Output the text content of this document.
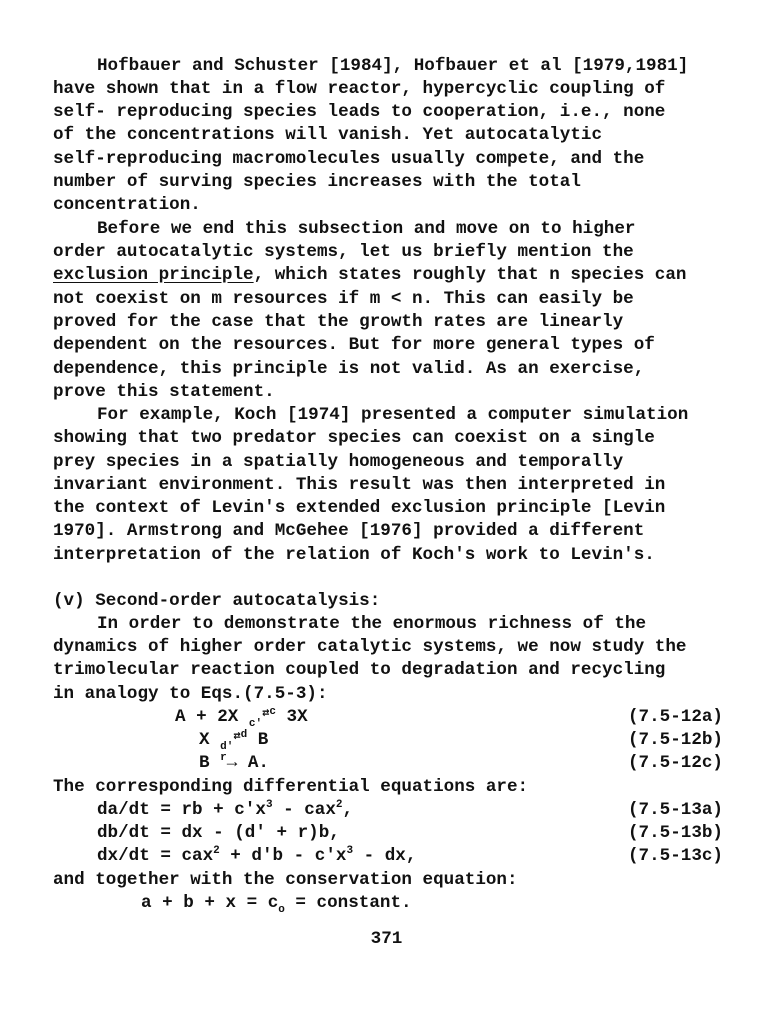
Hofbauer and Schuster [1984], Hofbauer et al [1979,1981]
have shown that in a flow reactor, hypercyclic coupling of
self- reproducing species leads to cooperation, i.e., none
of the concentrations will vanish. Yet autocatalytic
self-reproducing macromolecules usually compete, and the
number of surving species increases with the total
concentration.
Before we end this subsection and move on to higher
order autocatalytic systems, let us briefly mention the
exclusion principle, which states roughly that n species can
not coexist on m resources if m < n. This can easily be
proved for the case that the growth rates are linearly
dependent on the resources. But for more general types of
dependence, this principle is not valid. As an exercise,
prove this statement.
For example, Koch [1974] presented a computer simulation
showing that two predator species can coexist on a single
prey species in a spatially homogeneous and temporally
invariant environment. This result was then interpreted in
the context of Levin's extended exclusion principle [Levin
1970]. Armstrong and McGehee [1976] provided a different
interpretation of the relation of Koch's work to Levin's.
(v) Second-order autocatalysis:
In order to demonstrate the enormous richness of the
dynamics of higher order catalytic systems, we now study the
trimolecular reaction coupled to degradation and recycling
in analogy to Eqs.(7.5-3):
A + 2X $_{c'}^{⇄c}$ 3X	(7.5-12a)
X $_{d'}^{⇄d}$ B	(7.5-12b)
B $^r$→ A.	(7.5-12c)
The corresponding differential equations are:
da/dt = rb + $c'x^3 - cax^2$,	(7.5-13a)
db/dt = dx - (d' + r)b,	(7.5-13b)
$dx/dt = cax^2 + d'b - c'x^3$ - dx,	(7.5-13c)
and together with the conservation equation:
$a + b + x = c_o$ = constant.
371
